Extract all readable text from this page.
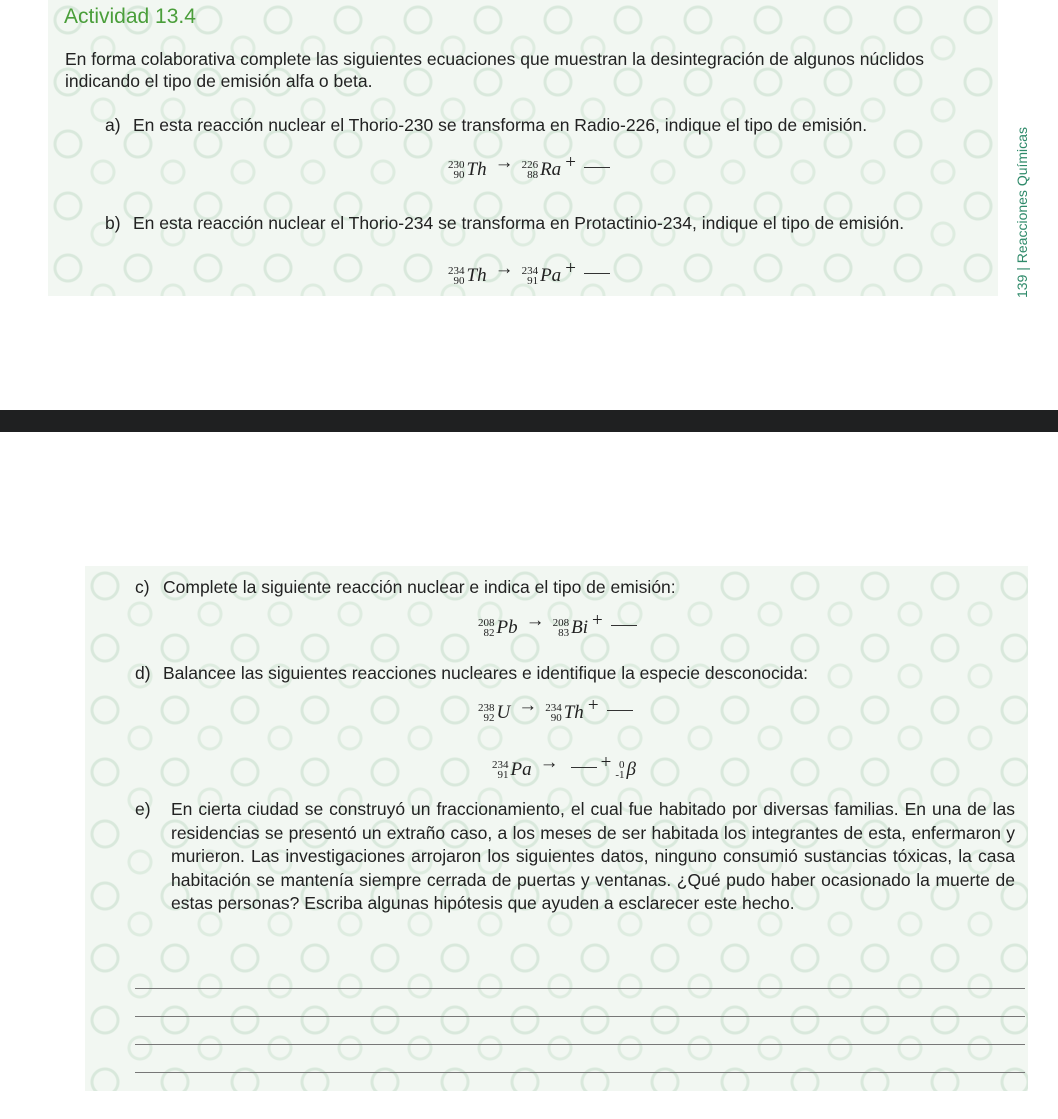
Actividad 13.4

En forma colaborativa complete las siguientes ecuaciones que muestran la desintegración de algunos núclidos indicando el tipo de emisión alfa o beta.

139 | Reacciones Químicas

a) En esta reacción nuclear el Thorio-230 se transforma en Radio-226, indique el tipo de emisión.

230
90 Th → 226
88 Ra +

b) En esta reacción nuclear el Thorio-234 se transforma en Protactinio-234, indique el tipo de emisión.

234
90 Th → 234
91 Pa +

c) Complete la siguiente reacción nuclear e indica el tipo de emisión:

208
82 Pb → 208
83 Bi +

d) Balancee las siguientes reacciones nucleares e identifique la especie desconocida:

238
92 U → 234
90 Th +
234
91 Pa → + 0
-1 β

e)	En cierta ciudad se construyó un fraccionamiento, el cual fue habitado por diversas familias. En una de las residencias se presentó un extraño caso, a los meses de ser habitada los integrantes de esta, enfermaron y murieron. Las investigaciones arrojaron los siguientes datos, ninguno consumió sustancias tóxicas, la casa habitación se mantenía siempre cerrada de puertas y ventanas. ¿Qué pudo haber ocasionado la muerte de estas personas? Escriba algunas hipótesis que ayuden a esclarecer este hecho.
